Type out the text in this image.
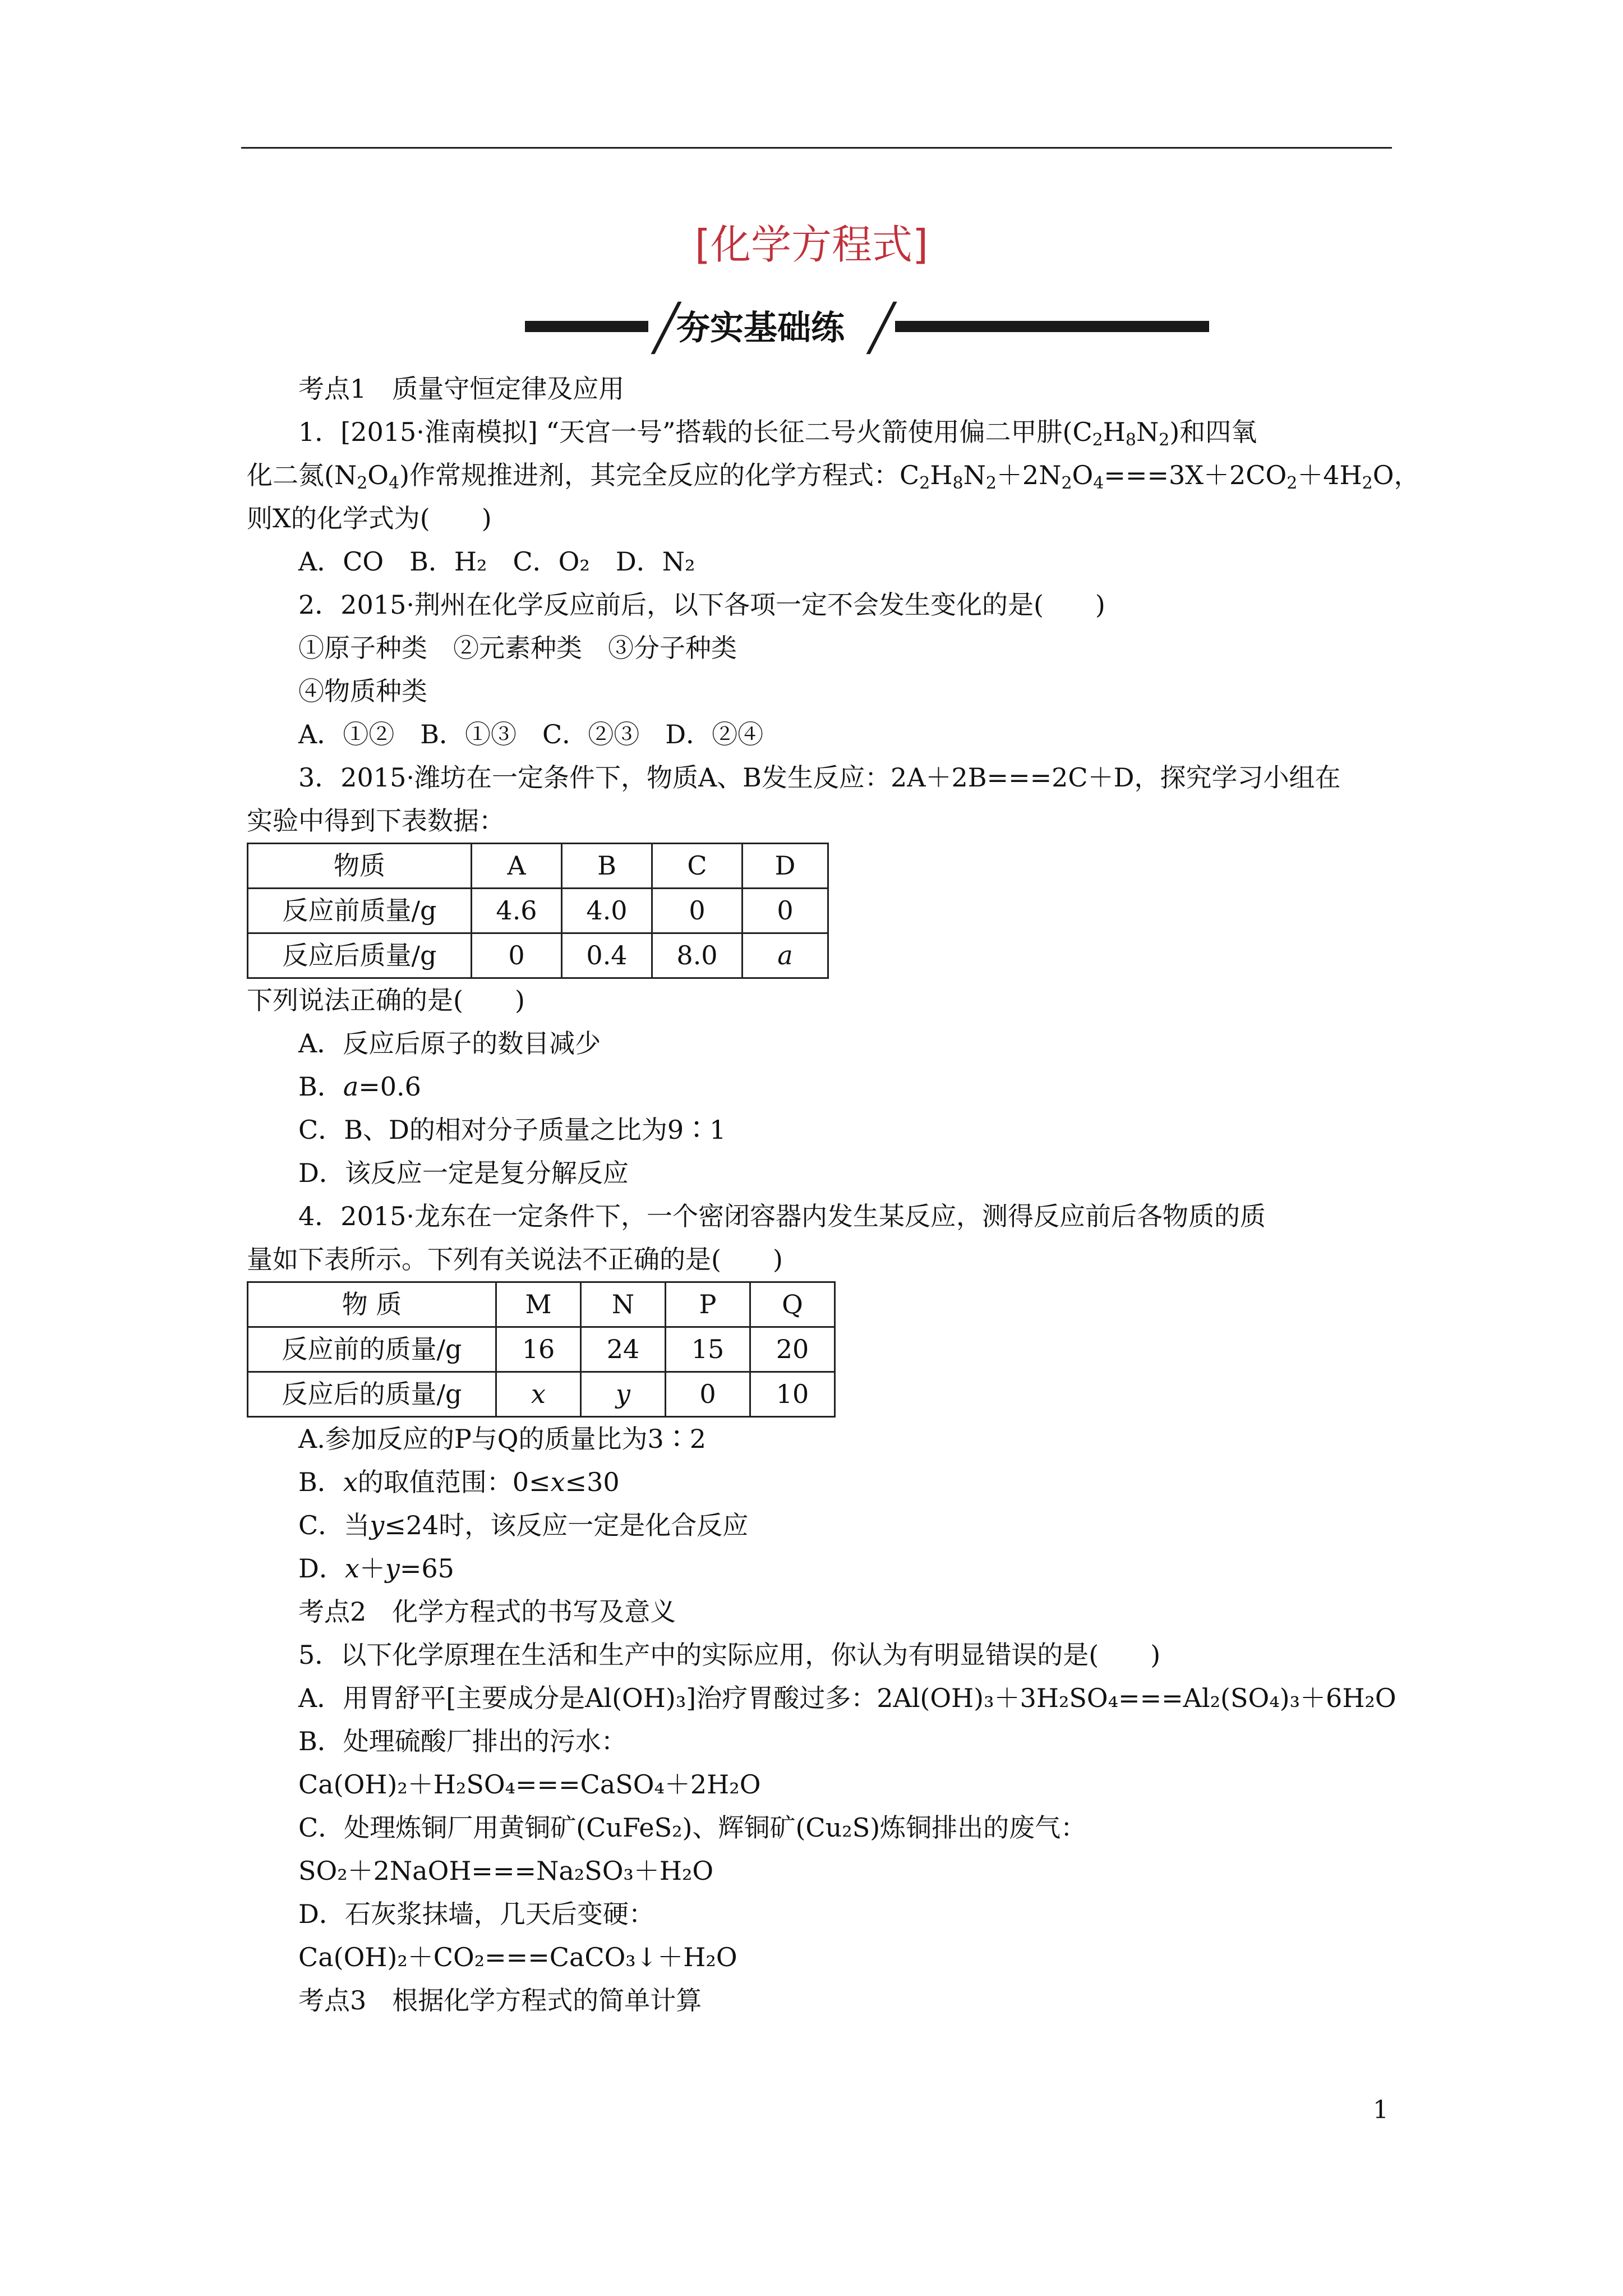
[化学方程式]
╱
夯实基础练 ╱
考点1　质量守恒定律及应用
1．[2015·淮南模拟] “天宫一号”搭载的长征二号火箭使用偏二甲肼$(C_2H_8N_2)$和四氧
化二氮$(N_2O_4)$作常规推进剂，其完全反应的化学方程式：$C_2H_8N_2+2N_2O_4===3X+2CO_2+4H_2O$，
则X的化学式为(　　)
A．CO　B．H₂　C．O₂　D．N₂
2．2015·荆州在化学反应前后，以下各项一定不会发生变化的是(　　)
①原子种类　②元素种类　③分子种类
④物质种类
A．①②　B．①③　C．②③　D．②④
3．2015·潍坊在一定条件下，物质A、B发生反应：2A＋2B===2C＋D，探究学习小组在
实验中得到下表数据：
物质	A	B	C	D
反应前质量/g	4.6	4.0	0	0
反应后质量/g	0	0.4	8.0	a
下列说法正确的是(　　)
A．反应后原子的数目减少
B．a=0.6
C．B、D的相对分子质量之比为9∶1
D．该反应一定是复分解反应
4．2015·龙东在一定条件下，一个密闭容器内发生某反应，测得反应前后各物质的质
量如下表所示。下列有关说法不正确的是(　　)
物 质	M	N	P	Q
反应前的质量/g	16	24	15	20
反应后的质量/g	x	y	0	10
A.参加反应的P与Q的质量比为3∶2
B．x的取值范围：0≤x≤30
C．当y≤24时，该反应一定是化合反应
D．x＋y=65
考点2　化学方程式的书写及意义
5．以下化学原理在生活和生产中的实际应用，你认为有明显错误的是(　　)
A．用胃舒平[主要成分是Al(OH)₃]治疗胃酸过多：2Al(OH)₃＋3H₂SO₄===Al₂(SO₄)₃＋6H₂O
B．处理硫酸厂排出的污水：
Ca(OH)₂＋H₂SO₄===CaSO₄＋2H₂O
C．处理炼铜厂用黄铜矿(CuFeS₂)、辉铜矿(Cu₂S)炼铜排出的废气：
SO₂＋2NaOH===Na₂SO₃＋H₂O
D．石灰浆抹墙，几天后变硬：
Ca(OH)₂＋CO₂===CaCO₃↓＋H₂O
考点3　根据化学方程式的简单计算
1
